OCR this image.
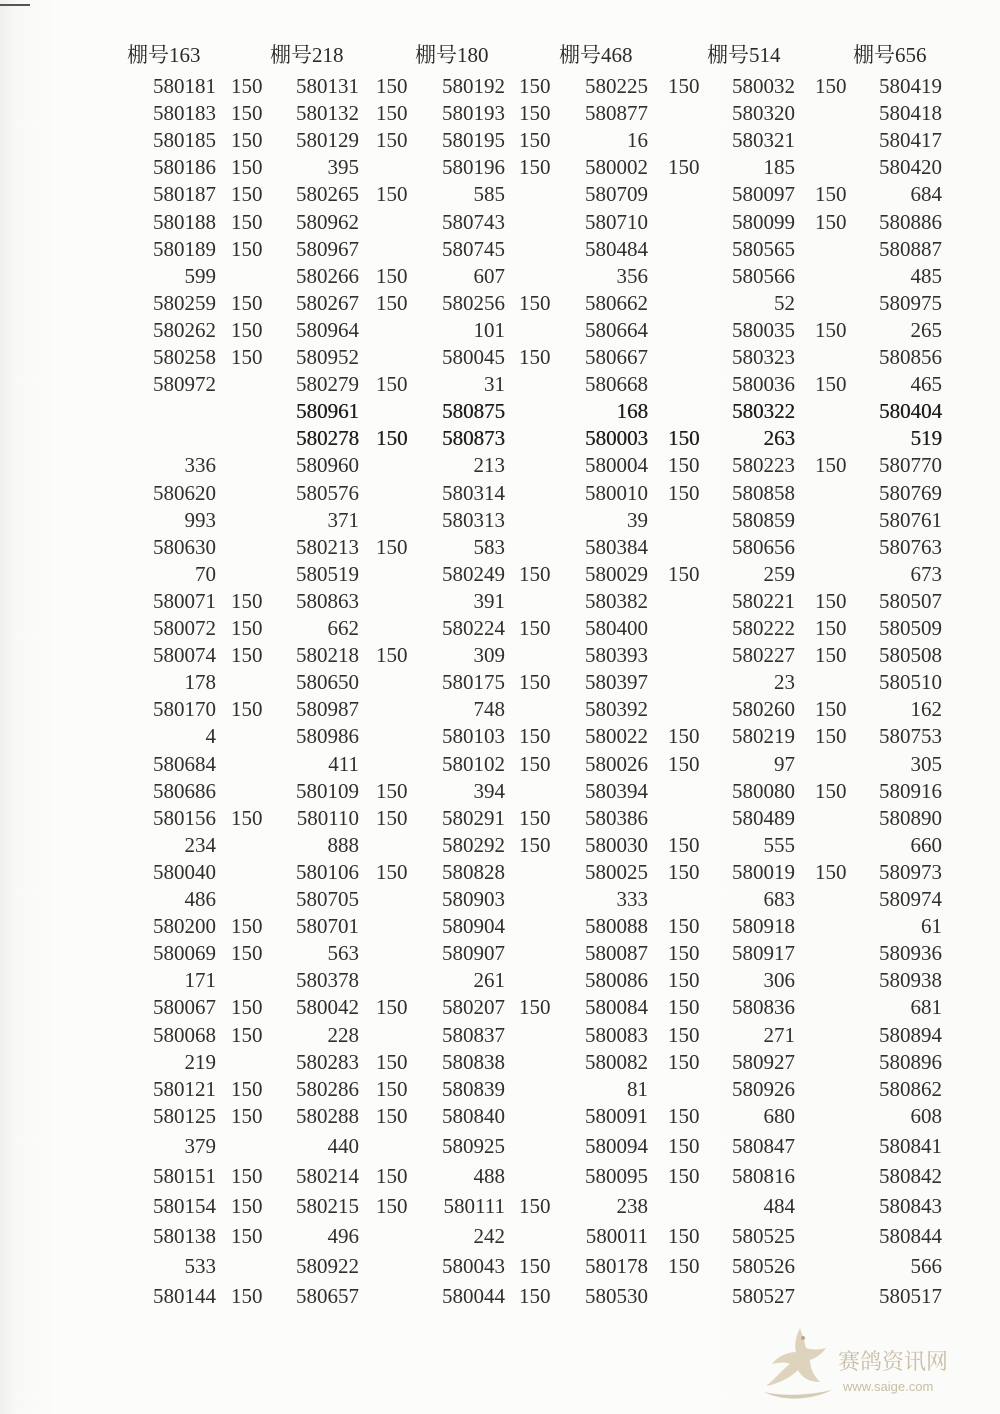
赛鸽资讯网
www.saige.com
棚号163
580181 150
580183 150
580185 150
580186 150
580187 150
580188 150
580189 150
599
580259 150
580262 150
580258 150
580972
336
580620
993
580630
70
580071 150
580072 150
580074 150
178
580170 150
4
580684
580686
580156 150
234
580040
486
580200 150
580069 150
171
580067 150
580068 150
219
580121 150
580125 150
379
580151 150
580154 150
580138 150
533
580144 150
棚号218
580131 150
580132 150
580129 150
395
580265 150
580962
580967
580266 150
580267 150
580964
580952
580279 150
580961
580278 150
580960
580576
371
580213 150
580519
580863
662
580218 150
580650
580987
580986
411
580109 150
580110 150
888
580106 150
580705
580701
563
580378
580042 150
228
580283 150
580286 150
580288 150
440
580214 150
580215 150
496
580922
580657
棚号180
580192 150
580193 150
580195 150
580196 150
585
580743
580745
607
580256 150
101
580045 150
31
580875
580873
213
580314
580313
583
580249 150
391
580224 150
309
580175 150
748
580103 150
580102 150
394
580291 150
580292 150
580828
580903
580904
580907
261
580207 150
580837
580838
580839
580840
580925
488
580111 150
242
580043 150
580044 150
棚号468
580225 150
580877
16
580002 150
580709
580710
580484
356
580662
580664
580667
580668
168
580003 150
580004 150
580010 150
39
580384
580029 150
580382
580400
580393
580397
580392
580022 150
580026 150
580394
580386
580030 150
580025 150
333
580088 150
580087 150
580086 150
580084 150
580083 150
580082 150
81
580091 150
580094 150
580095 150
238
580011 150
580178 150
580530
棚号514
580032 150
580320
580321
185
580097 150
580099 150
580565
580566
52
580035 150
580323
580036 150
580322
263
580223 150
580858
580859
580656
259
580221 150
580222 150
580227 150
23
580260 150
580219 150
97
580080 150
580489
555
580019 150
683
580918
580917
306
580836
271
580927
580926
680
580847
580816
484
580525
580526
580527
棚号656
580419
580418
580417
580420
684
580886
580887
485
580975
265
580856
465
580404
519
580770
580769
580761
580763
673
580507
580509
580508
580510
162
580753
305
580916
580890
660
580973
580974
61
580936
580938
681
580894
580896
580862
608
580841
580842
580843
580844
566
580517
